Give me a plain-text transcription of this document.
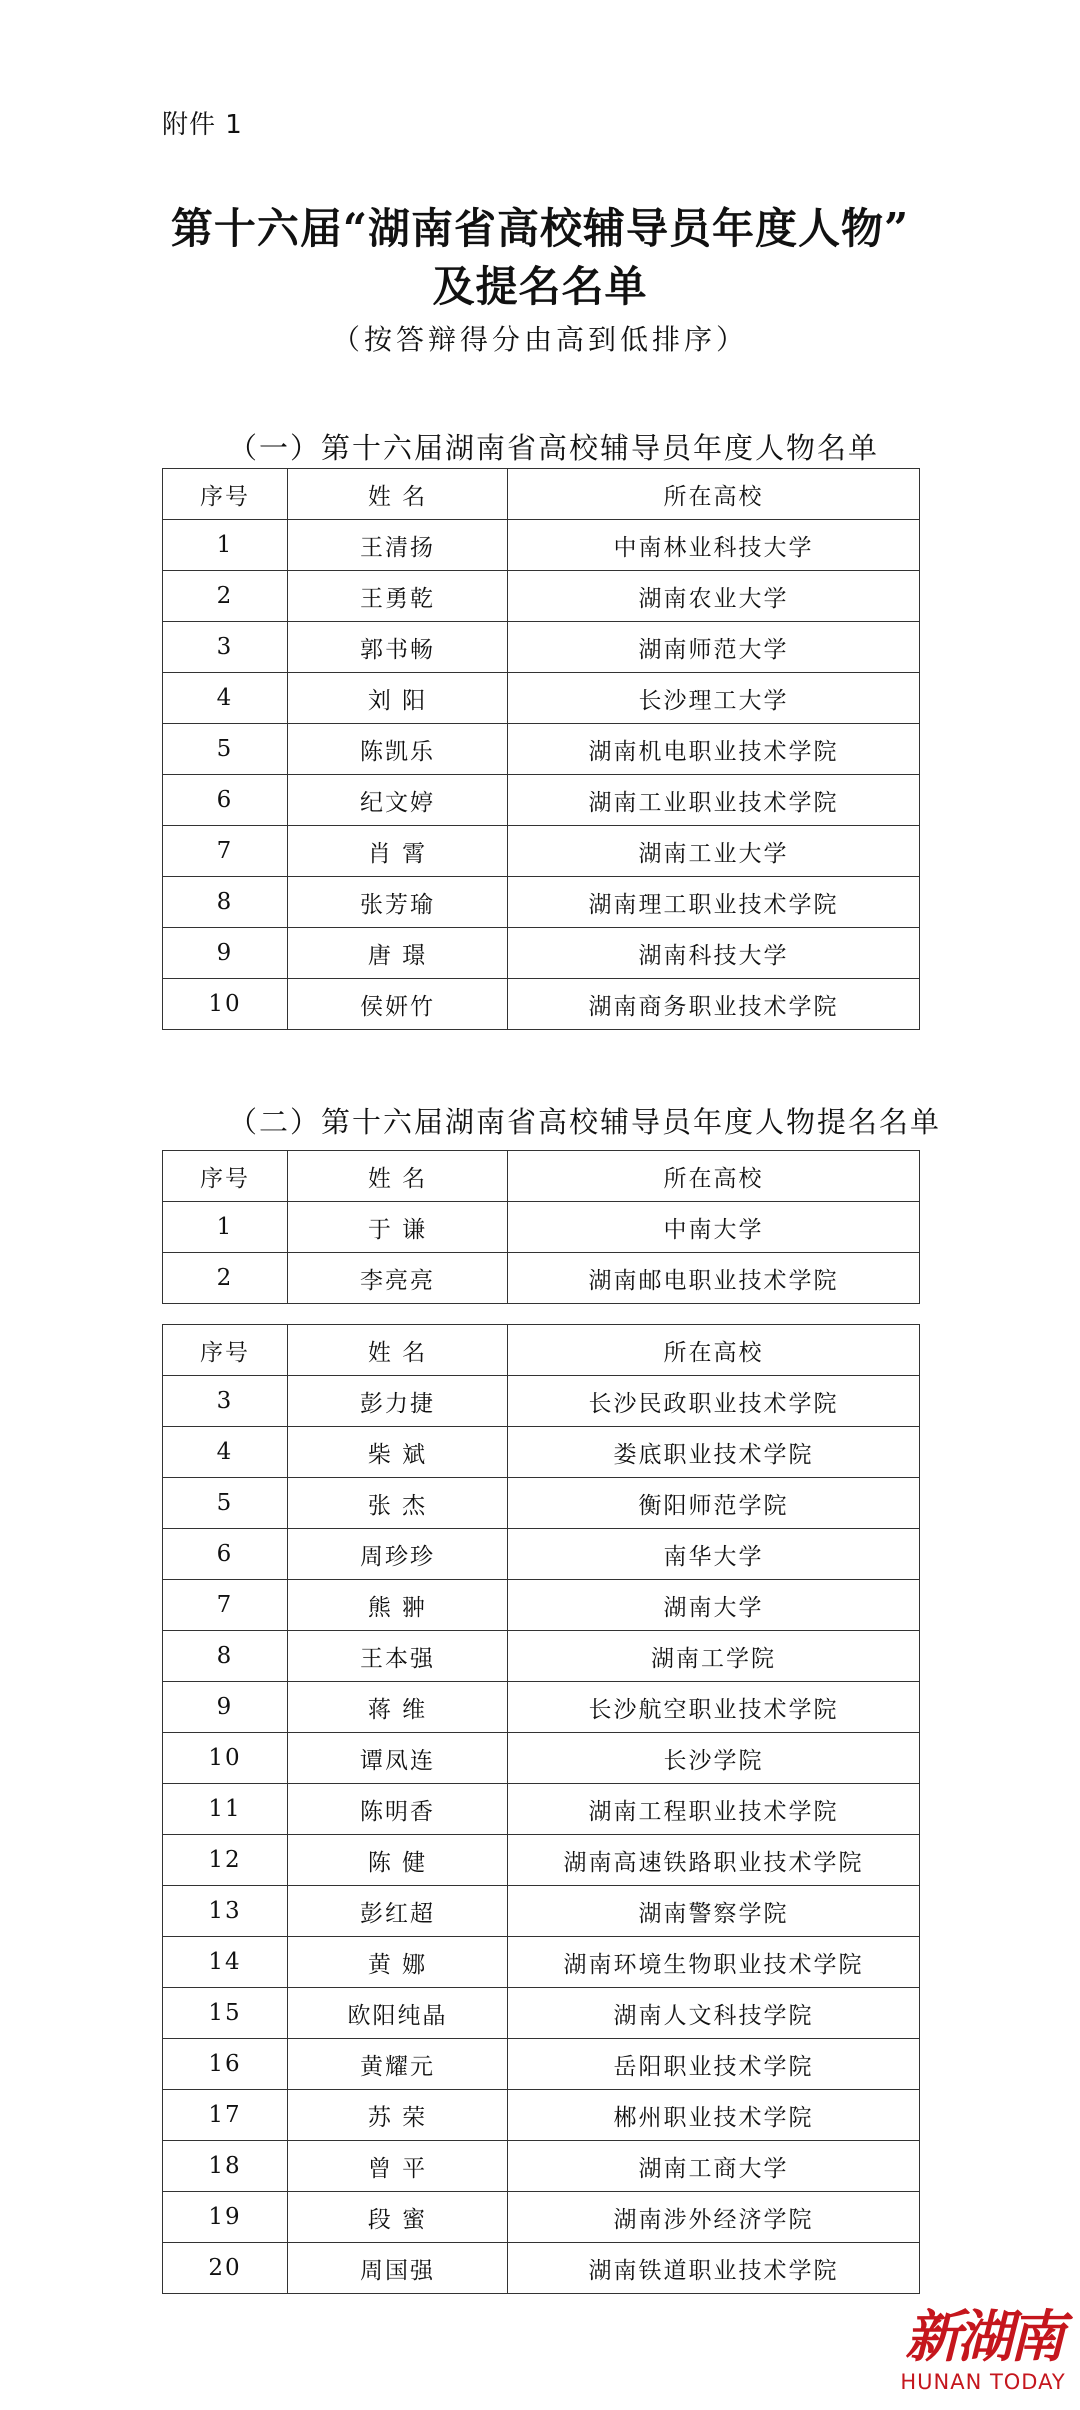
附件 1
第十六届“湖南省高校辅导员年度人物”
及提名名单
（按答辩得分由高到低排序）
（一）第十六届湖南省高校辅导员年度人物名单
序号	姓 名	所在高校
1	王清扬	中南林业科技大学
2	王勇乾	湖南农业大学
3	郭书畅	湖南师范大学
4	刘 阳	长沙理工大学
5	陈凯乐	湖南机电职业技术学院
6	纪文婷	湖南工业职业技术学院
7	肖 霄	湖南工业大学
8	张芳瑜	湖南理工职业技术学院
9	唐 璟	湖南科技大学
10	侯妍竹	湖南商务职业技术学院
（二）第十六届湖南省高校辅导员年度人物提名名单
序号	姓 名	所在高校
1	于 谦	中南大学
2	李亮亮	湖南邮电职业技术学院
序号	姓 名	所在高校
3	彭力捷	长沙民政职业技术学院
4	柴 斌	娄底职业技术学院
5	张 杰	衡阳师范学院
6	周珍珍	南华大学
7	熊 翀	湖南大学
8	王本强	湖南工学院
9	蒋 维	长沙航空职业技术学院
10	谭凤连	长沙学院
11	陈明香	湖南工程职业技术学院
12	陈 健	湖南高速铁路职业技术学院
13	彭红超	湖南警察学院
14	黄 娜	湖南环境生物职业技术学院
15	欧阳纯晶	湖南人文科技学院
16	黄耀元	岳阳职业技术学院
17	苏 荣	郴州职业技术学院
18	曾 平	湖南工商大学
19	段 蜜	湖南涉外经济学院
20	周国强	湖南铁道职业技术学院
新湖南
HUNAN TODAY
